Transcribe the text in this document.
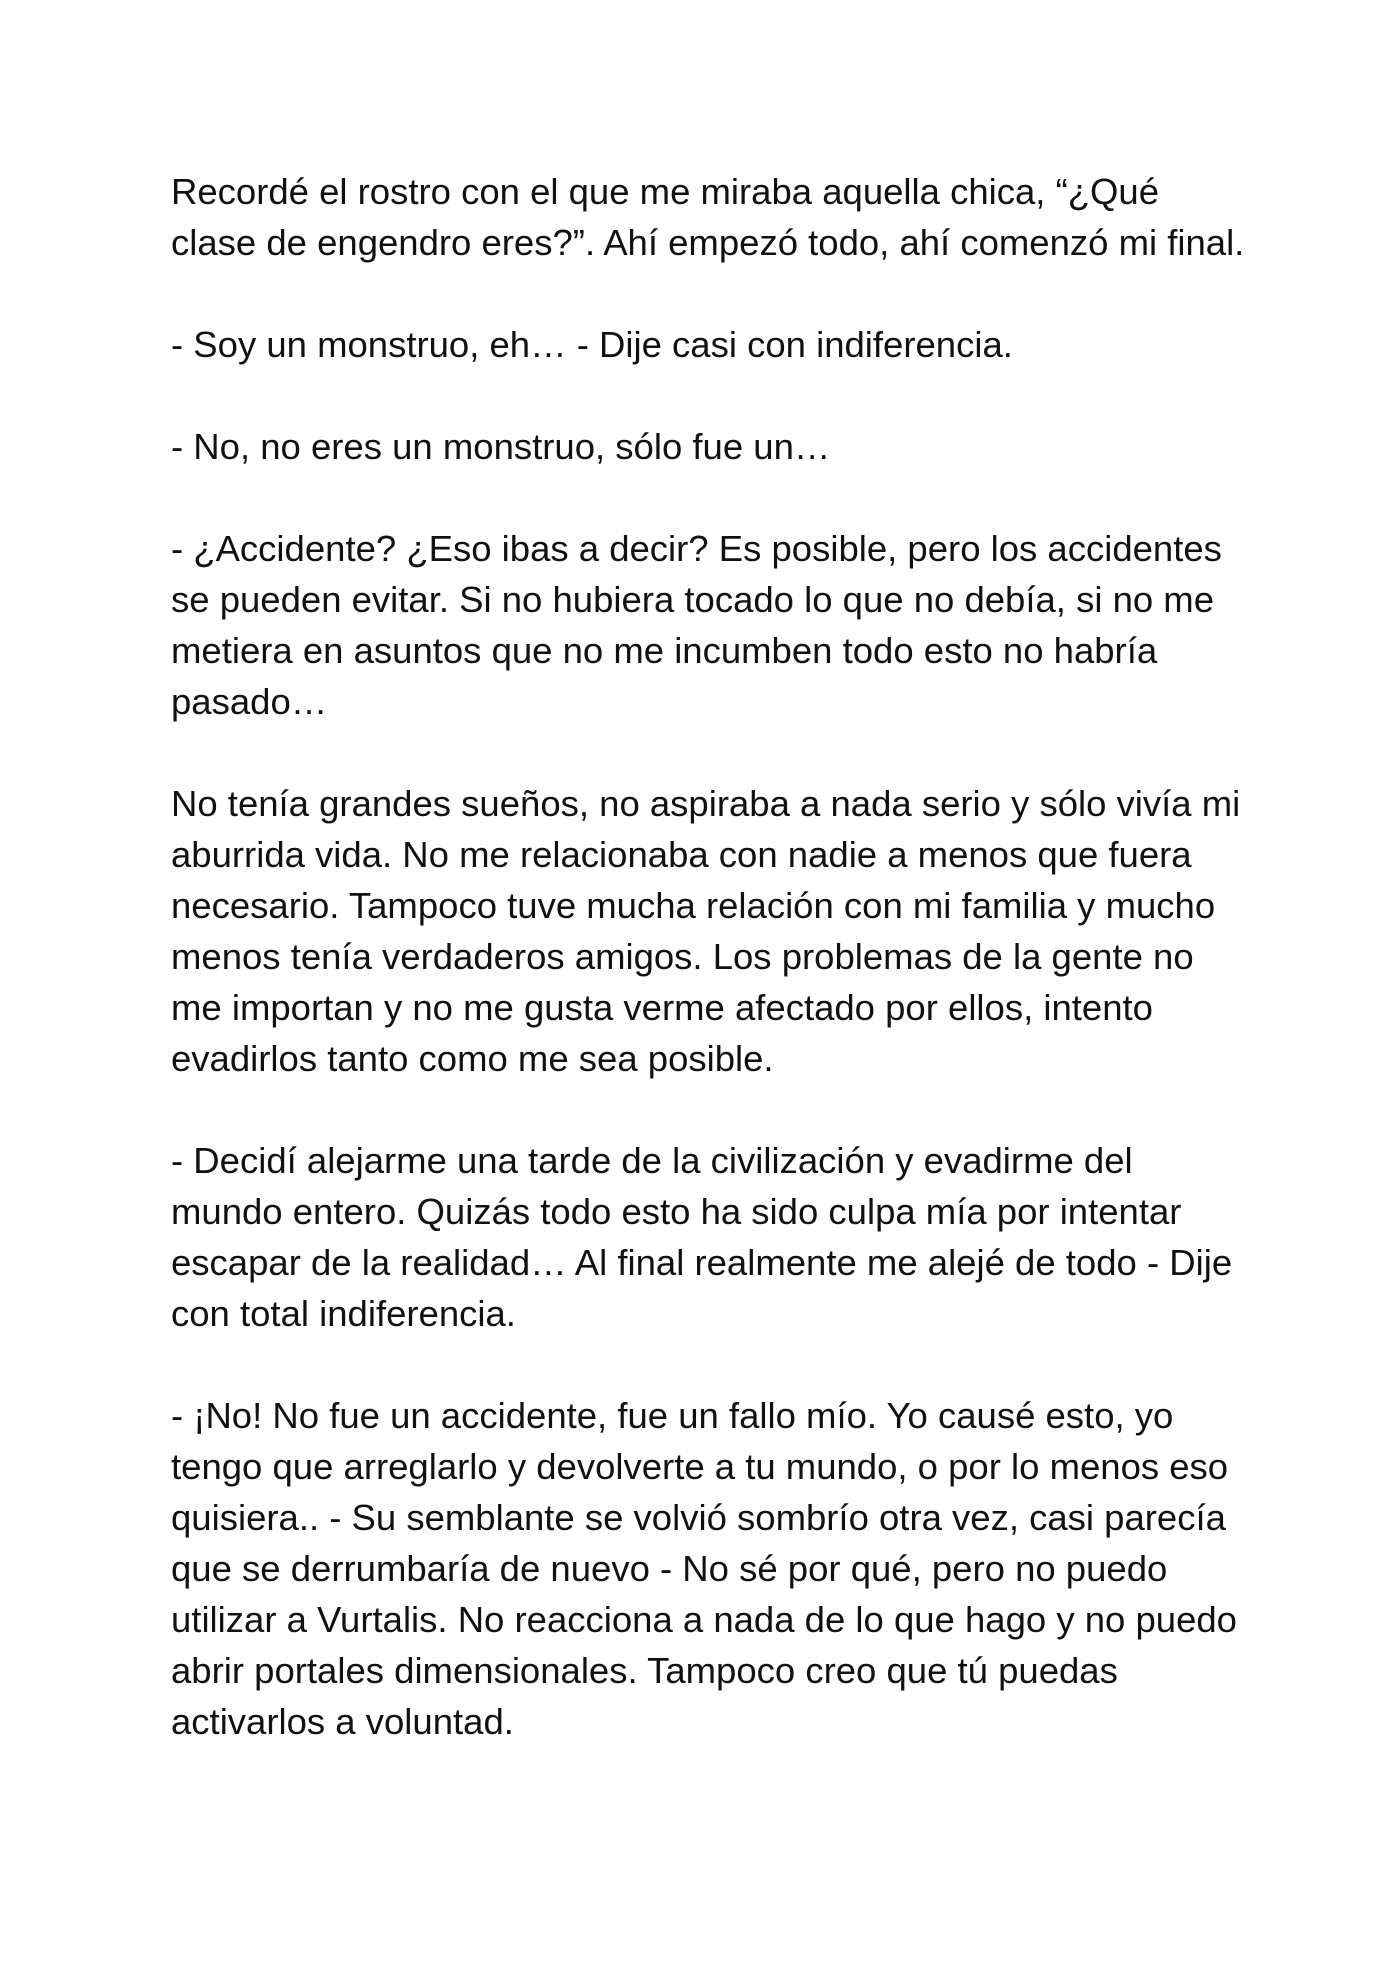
Recordé el rostro con el que me miraba aquella chica, “¿Qué clase de engendro eres?”. Ahí empezó todo, ahí comenzó mi final.

- Soy un monstruo, eh… - Dije casi con indiferencia.

- No, no eres un monstruo, sólo fue un…

- ¿Accidente? ¿Eso ibas a decir? Es posible, pero los accidentes se pueden evitar. Si no hubiera tocado lo que no debía, si no me metiera en asuntos que no me incumben todo esto no habría pasado…

No tenía grandes sueños, no aspiraba a nada serio y sólo vivía mi aburrida vida. No me relacionaba con nadie a menos que fuera necesario. Tampoco tuve mucha relación con mi familia y mucho menos tenía verdaderos amigos. Los problemas de la gente no me importan y no me gusta verme afectado por ellos, intento evadirlos tanto como me sea posible.

- Decidí alejarme una tarde de la civilización y evadirme del mundo entero. Quizás todo esto ha sido culpa mía por intentar escapar de la realidad… Al final realmente me alejé de todo - Dije con total indiferencia.

- ¡No! No fue un accidente, fue un fallo mío. Yo causé esto, yo tengo que arreglarlo y devolverte a tu mundo, o por lo menos eso quisiera.. - Su semblante se volvió sombrío otra vez, casi parecía que se derrumbaría de nuevo - No sé por qué, pero no puedo utilizar a Vurtalis. No reacciona a nada de lo que hago y no puedo abrir portales dimensionales. Tampoco creo que tú puedas activarlos a voluntad.
